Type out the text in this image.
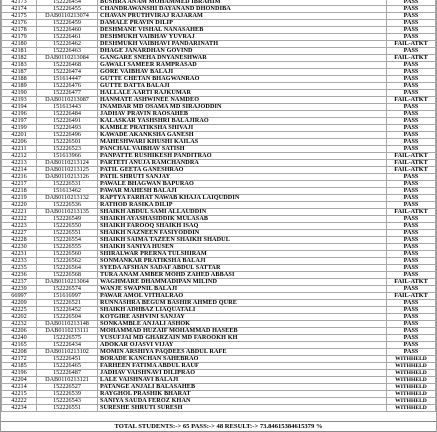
42173	152226454	BUSHRA ANAM MOHAMMED IBRAHIM	PASS
42174	152226455	CHANDRAWANSHI DAYANAND DHONDIBA	PASS
42175	DAB0110213074	CHAVAN PRUTHVIRAJ RAJARAM	PASS
42176	152226459	DAMALE PRAVIN DILIP	PASS
42178	152226460	DESHMANE VISHAL NANASAHEB	PASS
42179	152226461	DESHMUKH VAIBHAV YUVRAJ	PASS
42180	152226462	DESHMUKH VAIBHAVI PANDARINATH	FAIL-ATKT
42181	152226463	DHAGE JANARDHAN GOVIND	PASS
42182	DAB0110213084	GANGARE SNEHA DNYANESHWAR	FAIL-ATKT
42183	152226468	GAWALI SAMEER RAMPRASAD	PASS
42187	152226474	GORE VAIBHAV BALAJI	PASS
42188	151614447	GUTTE CHETAN BHAGWANRAO	PASS
42189	152226476	GUTTE DATTA BALAJI	PASS
42190	152226477	HALLALE AARTI RAJKUMAR	PASS
42193	DAB0110213087	HANMATE ASHWINEE NAMDEO	FAIL-ATKT
42194	151613443	INAMDAR MD OSAMA MD SIRAJODDIN	PASS
42196	152226484	JADHAV PRAVIN RAOSAHEB	PASS
42197	152226491	KALASKAR YASHSHRI BALAJIRAO	PASS
42199	152226493	KAMBLE PRATIKSHA SHIVAJI	PASS
42201	152226496	KAWADE AKANKSHA GANESH	PASS
42206	152226501	MAHESHWARI KHUSHI KAILAS	PASS
42211	152226523	PANCHAL VAIBHAV SATISH	PASS
42212	151613966	PANPATTE RUSHIKESH PANDITRAO	FAIL-ATKT
42213	DAB0110213124	PARTETI ANUJA RAMCHANDRA	FAIL-ATKT
42214	DAB0110213125	PATIL GEETA GANESHRAO	FAIL-ATKT
42216	DAB0110213126	PATIL SHRUTI SANJAY	PASS
42217	152226531	PAWALE BHAGWAN BAPURAO	PASS
42218	151613462	PAWAR MAHESH BALAJI	PASS
42219	DAB0110213132	RAPTYA FARHAT NAWAB KHAJA LAIQUDDIN	PASS
42220	152226536	RATHOD RASIKA DILIP	PASS
42221	DAB0110213135	SHAIKH ABDUL SAMI ALLAUDDIN	FAIL-ATKT
42222	152226549	SHAIKH AYASHASIDDIK MULASAB	PASS
42223	152226550	SHAIKH FAROOQ SHAIKH ISAQ	PASS
42227	152226551	SHAIKH NAZNEEN FASIYODDIN	PASS
42228	152226554	SHAIKH SAIMA TAZEEN SHAIKH SHADUL	PASS
42230	152226555	SHAIKH SANIYA HUSEN	PASS
42231	152226560	SHIRALWAR PRERNA TULSHIRAM	PASS
42233	152226562	SONMANKAR PRATIKSHA BALAJI	PASS
42235	152226564	SYEDA AFSHAN SADAF ABDUL SATTAR	PASS
42236	152226568	TURA ANAM AMBER MOHD ZAHED ABBASI	PASS
42237	DAB0110213064	WAGHMARE DHAMMADIPAN MILIND	FAIL-ATKT
42239	152226574	WANJE SWAPNIL BALAJI	PASS
66997	151616997	PAWAR AMOL VITHALRAO	FAIL-ATKT
42209	152226521	RUNNASHRA BEGUM BASHIR AHMED QURE	PASS
42225	152226452	SHAIKH ADHBAZ LIAQUATALI	PASS
42202	152226504	KOTGIRE ASHVINI SANJAY	PASS
42232	DAB0110213148	SONKAMBLE ANJALI ASHOK	PASS
42206	DAB0110213111	MOHAMMAD HUZAIF MOHAMMAD HASEEB	PASS
42240	152226575	YUSUFJAI MD GHARZAIN MD FAROOKH KH	PASS
42165	152226434	ADOKAR OJASVI VIJAY	PASS
42208	DAB0110213102	MOMIN ARSHIYA PAQDEES ABDUL RAFE	PASS
42172	152226451	BORADE KANCHAN SAHEBRAO	WITHHELD
42185	152226465	FARHEEN FATIMA ABDUL RAUF	WITHHELD
42196	152226487	JADHAV VAISHNAVI DILIPRAO	WITHHELD
42204	DAB0110213121	LALE VAISHNAVI BALAJI	WITHHELD
42214	152226527	PATANGE ANJALI BALASAHEB	WITHHELD
42215	152226539	RAYGHOL PRASHIK BHARAT	WITHHELD
42222	152226543	SANIYA SAUDA FEROZ KHAN	WITHHELD
42234	152226551	SURESHE SHRUTI SURESH	WITHHELD
TOTAL STUDENTS:-> 65 PASS:-> 48 RESULT:-> 73.84615384615379 %
